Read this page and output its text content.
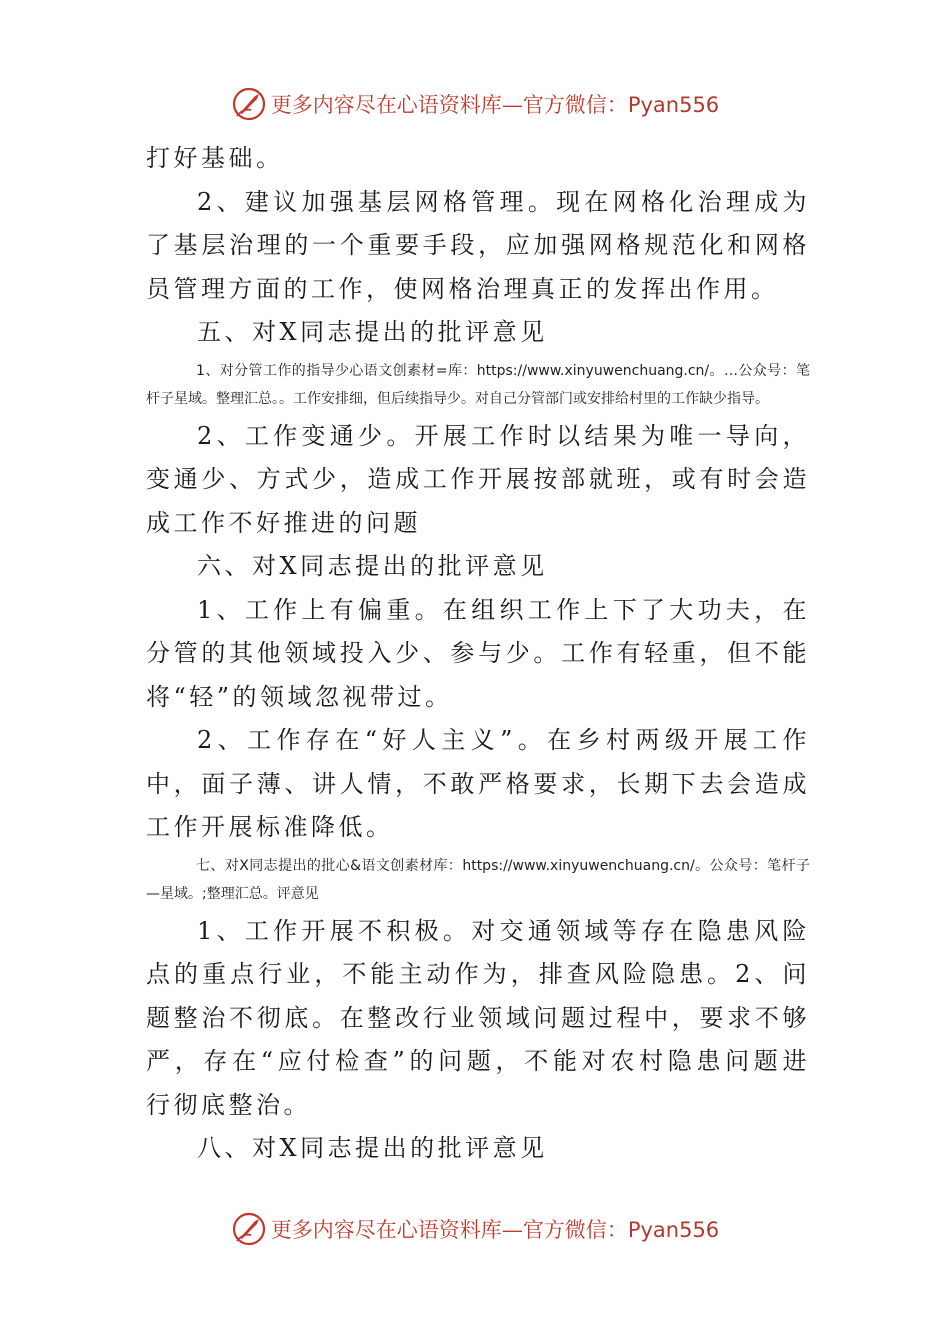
更多内容尽在心语资料库—官方微信：Pyan556

打好基础。

2、建议加强基层网格管理。现在网格化治理成为了基层治理的一个重要手段，应加强网格规范化和网格员管理方面的工作，使网格治理真正的发挥出作用。

五、对X同志提出的批评意见

1、对分管工作的指导少心语文创素材=库：https://www.xinyuwenchuang.cn/。…公众号：笔杆子星域。整理汇总。。工作安排细，但后续指导少。对自己分管部门或安排给村里的工作缺少指导。

2、工作变通少。开展工作时以结果为唯一导向，变通少、方式少，造成工作开展按部就班，或有时会造成工作不好推进的问题

六、对X同志提出的批评意见

1、工作上有偏重。在组织工作上下了大功夫，在分管的其他领域投入少、参与少。工作有轻重，但不能将“轻”的领域忽视带过。

2、工作存在“好人主义”。在乡村两级开展工作中，面子薄、讲人情，不敢严格要求，长期下去会造成工作开展标准降低。

七、对X同志提出的批心&语文创素材库：https://www.xinyuwenchuang.cn/。公众号：笔杆子—星域。;整理汇总。评意见

1、工作开展不积极。对交通领域等存在隐患风险点的重点行业，不能主动作为，排查风险隐患。2、问题整治不彻底。在整改行业领域问题过程中，要求不够严，存在“应付检查”的问题，不能对农村隐患问题进行彻底整治。

八、对X同志提出的批评意见

更多内容尽在心语资料库—官方微信：Pyan556
